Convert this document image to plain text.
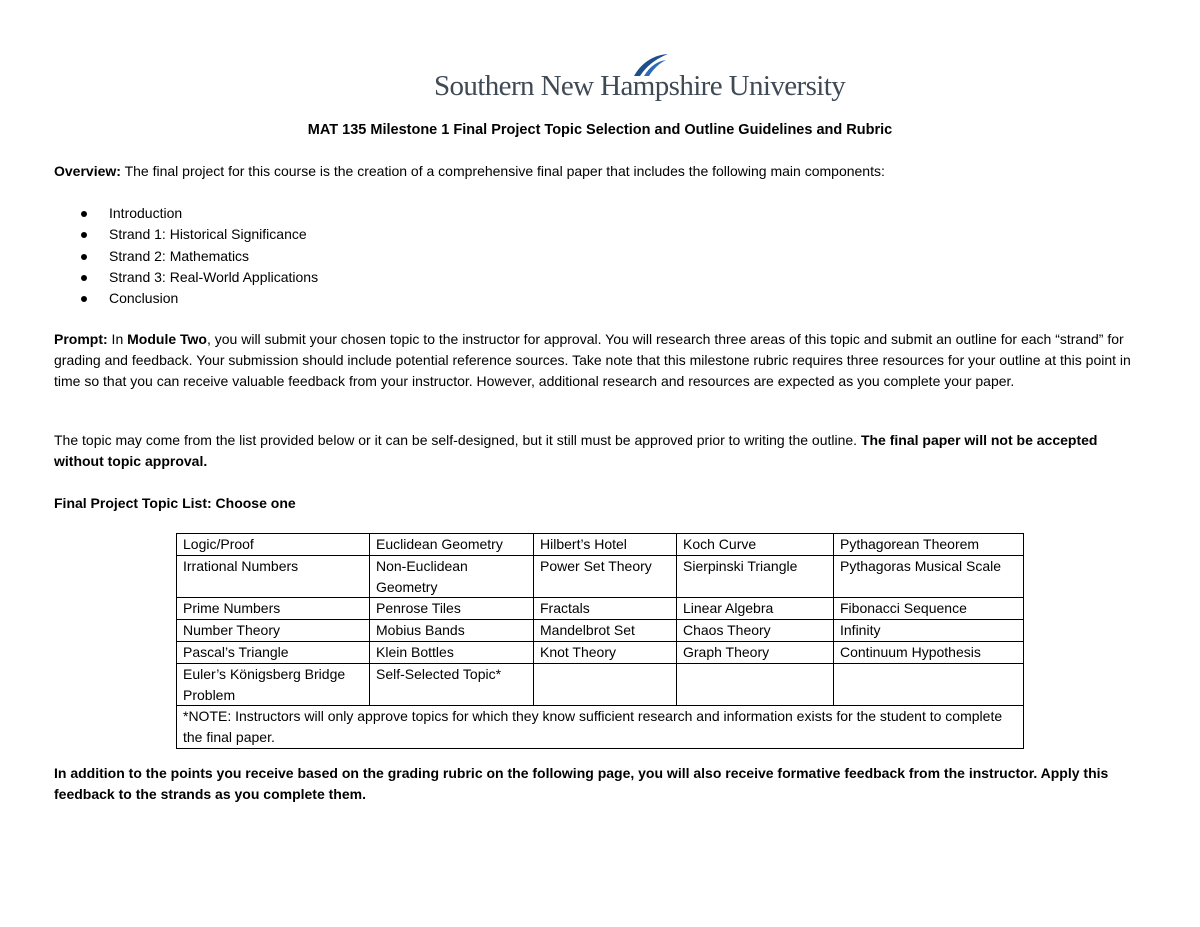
Southern New Hampshire University
MAT 135 Milestone 1 Final Project Topic Selection and Outline Guidelines and Rubric
Overview: The final project for this course is the creation of a comprehensive final paper that includes the following main components:
Introduction
Strand 1: Historical Significance
Strand 2: Mathematics
Strand 3: Real-World Applications
Conclusion
Prompt: In Module Two, you will submit your chosen topic to the instructor for approval. You will research three areas of this topic and submit an outline for each “strand” for grading and feedback. Your submission should include potential reference sources. Take note that this milestone rubric requires three resources for your outline at this point in time so that you can receive valuable feedback from your instructor. However, additional research and resources are expected as you complete your paper.
The topic may come from the list provided below or it can be self-designed, but it still must be approved prior to writing the outline. The final paper will not be accepted without topic approval.
Final Project Topic List: Choose one
Logic/Proof	Euclidean Geometry	Hilbert’s Hotel	Koch Curve	Pythagorean Theorem
Irrational Numbers	Non-Euclidean Geometry	Power Set Theory	Sierpinski Triangle	Pythagoras Musical Scale
Prime Numbers	Penrose Tiles	Fractals	Linear Algebra	Fibonacci Sequence
Number Theory	Mobius Bands	Mandelbrot Set	Chaos Theory	Infinity
Pascal’s Triangle	Klein Bottles	Knot Theory	Graph Theory	Continuum Hypothesis
Euler’s Königsberg Bridge Problem	Self-Selected Topic*			
*NOTE: Instructors will only approve topics for which they know sufficient research and information exists for the student to complete the final paper.				
In addition to the points you receive based on the grading rubric on the following page, you will also receive formative feedback from the instructor. Apply this feedback to the strands as you complete them.
